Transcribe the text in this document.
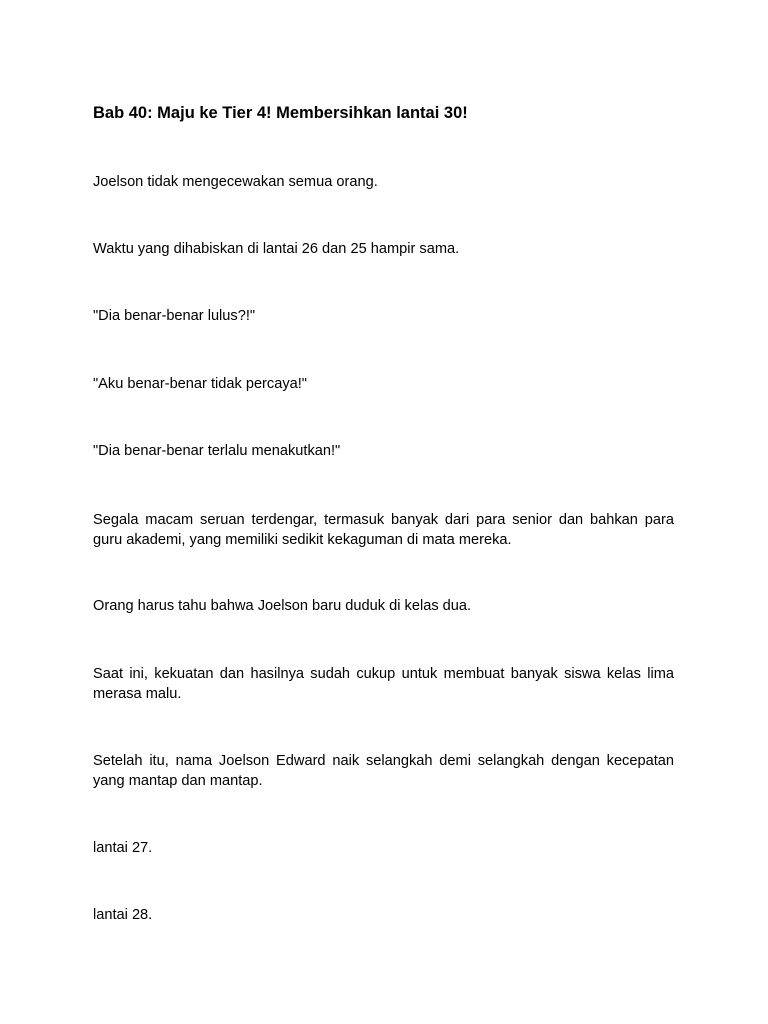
Bab 40: Maju ke Tier 4! Membersihkan lantai 30!

Joelson tidak mengecewakan semua orang.

Waktu yang dihabiskan di lantai 26 dan 25 hampir sama.

"Dia benar-benar lulus?!"

"Aku benar-benar tidak percaya!"

"Dia benar-benar terlalu menakutkan!"

Segala macam seruan terdengar, termasuk banyak dari para senior dan bahkan para guru akademi, yang memiliki sedikit kekaguman di mata mereka.

Orang harus tahu bahwa Joelson baru duduk di kelas dua.

Saat ini, kekuatan dan hasilnya sudah cukup untuk membuat banyak siswa kelas lima merasa malu.

Setelah itu, nama Joelson Edward naik selangkah demi selangkah dengan kecepatan yang mantap dan mantap.

lantai 27.

lantai 28.
